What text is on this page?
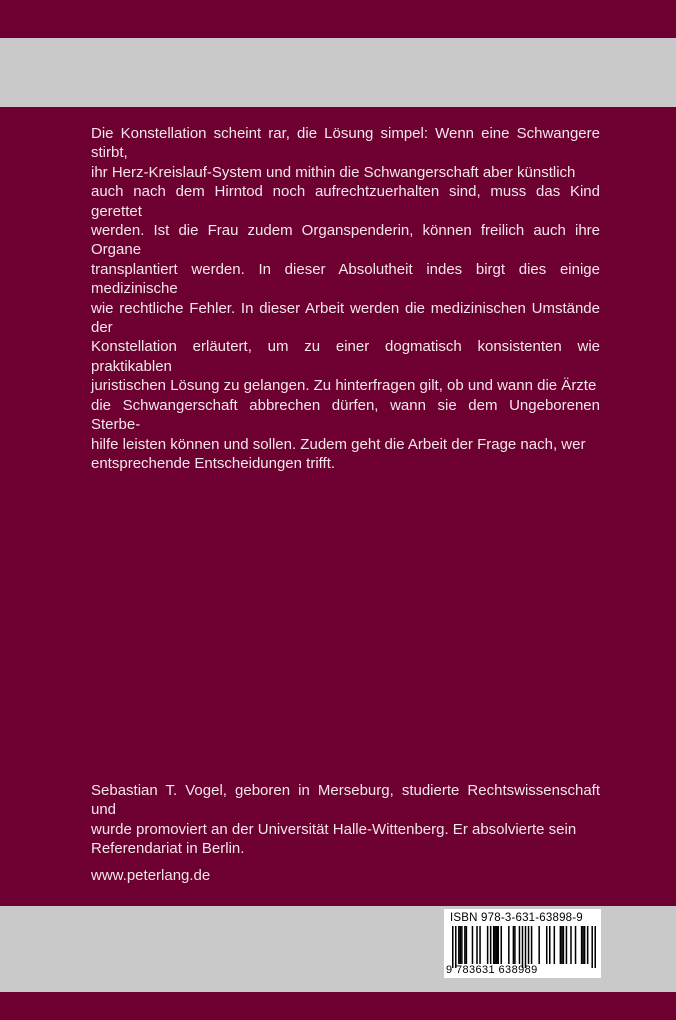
Die Konstellation scheint rar, die Lösung simpel: Wenn eine Schwangere stirbt,
ihr Herz-Kreislauf-System und mithin die Schwangerschaft aber künstlich
auch nach dem Hirntod noch aufrechtzuerhalten sind, muss das Kind gerettet
werden. Ist die Frau zudem Organspenderin, können freilich auch ihre Organe
transplantiert werden. In dieser Absolutheit indes birgt dies einige medizinische
wie rechtliche Fehler. In dieser Arbeit werden die medizinischen Umstände der
Konstellation erläutert, um zu einer dogmatisch konsistenten wie praktikablen
juristischen Lösung zu gelangen. Zu hinterfragen gilt, ob und wann die Ärzte
die Schwangerschaft abbrechen dürfen, wann sie dem Ungeborenen Sterbe-
hilfe leisten können und sollen. Zudem geht die Arbeit der Frage nach, wer
entsprechende Entscheidungen trifft.
Sebastian T. Vogel, geboren in Merseburg, studierte Rechtswissenschaft und
wurde promoviert an der Universität Halle-Wittenberg. Er absolvierte sein
Referendariat in Berlin.
www.peterlang.de
ISBN 978-3-631-63898-9
9 783631 638989
